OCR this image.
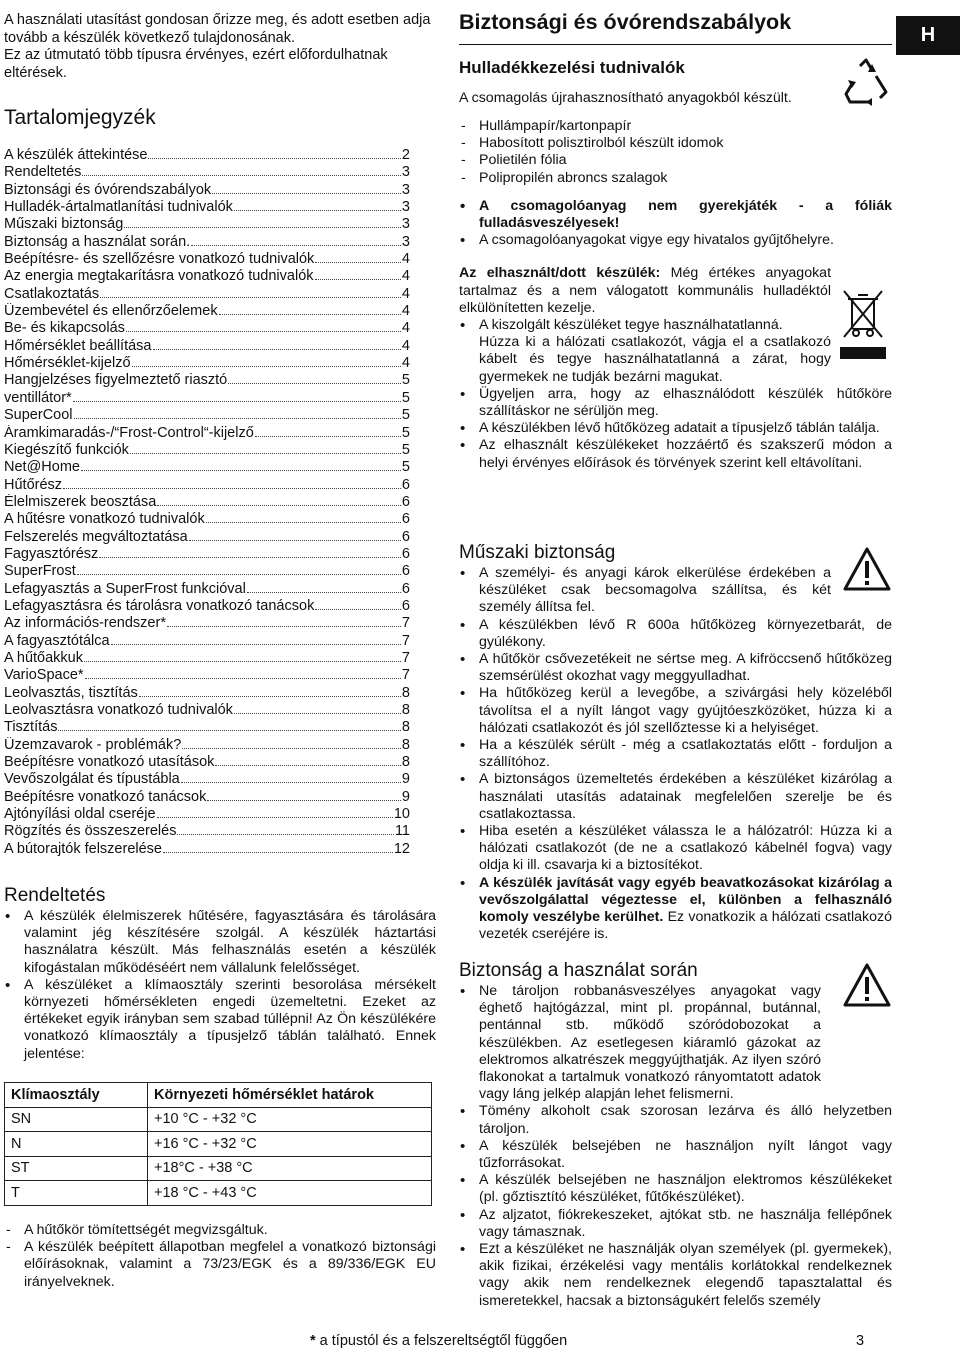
A használati utasítást gondosan őrizze meg, és adott esetben adja tovább a készülék következő tulajdonosának.

Ez az útmutató több típusra érvényes, ezért előfordulhatnak eltérések.

Tartalomjegyzék
A készülék áttekintése	2
Rendeltetés	3
Biztonsági és óvórendszabályok	3
Hulladék-ártalmatlanítási tudnivalók	3
Műszaki biztonság	3
Biztonság a használat során.	3
Beépítésre- és szellőzésre vonatkozó tudnivalók	4
Az energia megtakarításra vonatkozó tudnivalók	4
Csatlakoztatás	4
Üzembevétel és ellenőrzőelemek	4
Be- és kikapcsolás	4
Hőmérséklet beállítása	4
Hőmérséklet-kijelző	4
Hangjelzéses figyelmeztető riasztó	5
ventillátor*	5
SuperCool	5
Áramkimaradás-/“Frost-Control“-kijelző	5
Kiegészítő funkciók	5
Net@Home	5
Hűtőrész	6
Élelmiszerek beosztása	6
A hűtésre vonatkozó tudnivalók	6
Felszerelés megváltoztatása	6
Fagyasztórész	6
SuperFrost	6
Lefagyasztás a SuperFrost funkcióval	6
Lefagyasztásra és tárolásra vonatkozó tanácsok	6
Az információs-rendszer*	7
A fagyasztótálca	7
A hűtőakkuk	7
VarioSpace*	7
Leolvasztás, tisztítás	8
Leolvasztásra vonatkozó tudnivalók	8
Tisztítás	8
Üzemzavarok - problémák?	8
Beépítésre vonatkozó utasítások	8
Vevőszolgálat és típustábla	9
Beépítésre vonatkozó tanácsok	9
Ajtónyílási oldal cseréje	10
Rögzítés és összeszerelés	11
A bútorajtók felszerelése	12
Rendeltetés
• A készülék élelmiszerek hűtésére, fagyasztására és tárolására valamint jég készítésére szolgál. A készülék háztartási használatra készült. Más felhasználás esetén a készülék kifogástalan működéséért nem vállalunk felelősséget.
• A készüléket a klímaosztály szerinti besorolása mérsékelt környezeti hőmérsékleten engedi üzemeltetni. Ezeket az értékeket egyik irányban sem szabad túllépni! Az Ön készülékére vonatkozó klímaosztály a típusjelző táblán található. Ennek jelentése:
Klímaosztály	Környezeti hőmérséklet határok
SN	+10 °C - +32 °C
N	+16 °C - +32 °C
ST	+18°C - +38 °C
T	+18 °C - +43 °C
- A hűtőkör tömítettségét megvizsgáltuk.
- A készülék beépített állapotban megfelel a vonatkozó biztonsági előírásoknak, valamint a 73/23/EGK és a 89/336/EGK EU irányelveknek.
Biztonsági és óvórendszabályok
H
Hulladékkezelési tudnivalók

A csomagolás újrahasznosítható anyagokból készült.

- Hullámpapír/kartonpapír
- Habosított polisztirolból készült idomok
- Polietilén fólia
- Polipropilén abroncs szalagok
• A csomagolóanyag nem gyerekjáték - a fóliák fulladásveszélyesek!
• A csomagolóanyagokat vigye egy hivatalos gyűjtőhelyre.

Az elhasznált/dott készülék: Még értékes anyagokat tartalmaz és a nem válogatott kommunális hulladéktól elkülönítetten kezelje.

• A kiszolgált készüléket tegye használhatatlanná.
Húzza ki a hálózati csatlakozót, vágja el a csatlakozó kábelt és tegye használhatatlanná a zárat, hogy gyermekek ne tudják bezárni magukat.
• Ügyeljen arra, hogy az elhasználódott készülék hűtőköre szállításkor ne sérüljön meg.
• A készülékben lévő hűtőközeg adatait a típusjelző táblán találja.
• Az elhasznált készülékeket hozzáértő és szakszerű módon a helyi érvényes előírások és törvények szerint kell eltávolítani.
Műszaki biztonság
• A személyi- és anyagi károk elkerülése érdekében a készüléket csak becsomagolva szállítsa, és két személy állítsa fel.
• A készülékben lévő R 600a hűtőközeg környezetbarát, de gyúlékony.
• A hűtőkör csővezetékeit ne sértse meg. A kifröccsenő hűtőközeg szemsérülést okozhat vagy meggyulladhat.
• Ha hűtőközeg kerül a levegőbe, a szivárgási hely közeléből távolítsa el a nyílt lángot vagy gyújtóeszközöket, húzza ki a hálózati csatlakozót és jól szellőztesse ki a helyiséget.
• Ha a készülék sérült - még a csatlakoztatás előtt - forduljon a szállítóhoz.
• A biztonságos üzemeltetés érdekében a készüléket kizárólag a használati utasítás adatainak megfelelően szerelje be és csatlakoztassa.
• Hiba esetén a készüléket válassza le a hálózatról: Húzza ki a hálózati csatlakozót (de ne a csatlakozó kábelnél fogva) vagy oldja ki ill. csavarja ki a biztosítékot.
• A készülék javítását vagy egyéb beavatkozásokat kizárólag a vevőszolgálattal végeztesse el, különben a felhasználó komoly veszélybe kerülhet. Ez vonatkozik a hálózati csatlakozó vezeték cseréjére is.
Biztonság a használat során
• Ne tároljon robbanásveszélyes anyagokat vagy éghető hajtógázzal, mint pl. propánnal, butánnal, pentánnal stb. működő szóródobozokat a készülékben. Az esetlegesen kiáramló gázokat az elektromos alkatrészek meggyújthatják. Az ilyen szóró flakonokat a tartalmuk vonatkozó rányomtatott adatok vagy láng jelkép alapján lehet felismerni.
• Tömény alkoholt csak szorosan lezárva és álló helyzetben tároljon.
• A készülék belsejében ne használjon nyílt lángot vagy tűzforrásokat.
• A készülék belsejében ne használjon elektromos készülékeket (pl. gőztisztító készüléket, fűtőkészüléket).
• Az aljzatot, fiókrekeszeket, ajtókat stb. ne használja fellépőnek vagy támasznak.
• Ezt a készüléket ne használják olyan személyek (pl. gyermekek), akik fizikai, érzékelési vagy mentális korlátokkal rendelkeznek vagy akik nem rendelkeznek elegendő tapasztalattal és ismeretekkel, hacsak a biztonságukért felelős személy
* a típustól és a felszereltségtől függően	3
